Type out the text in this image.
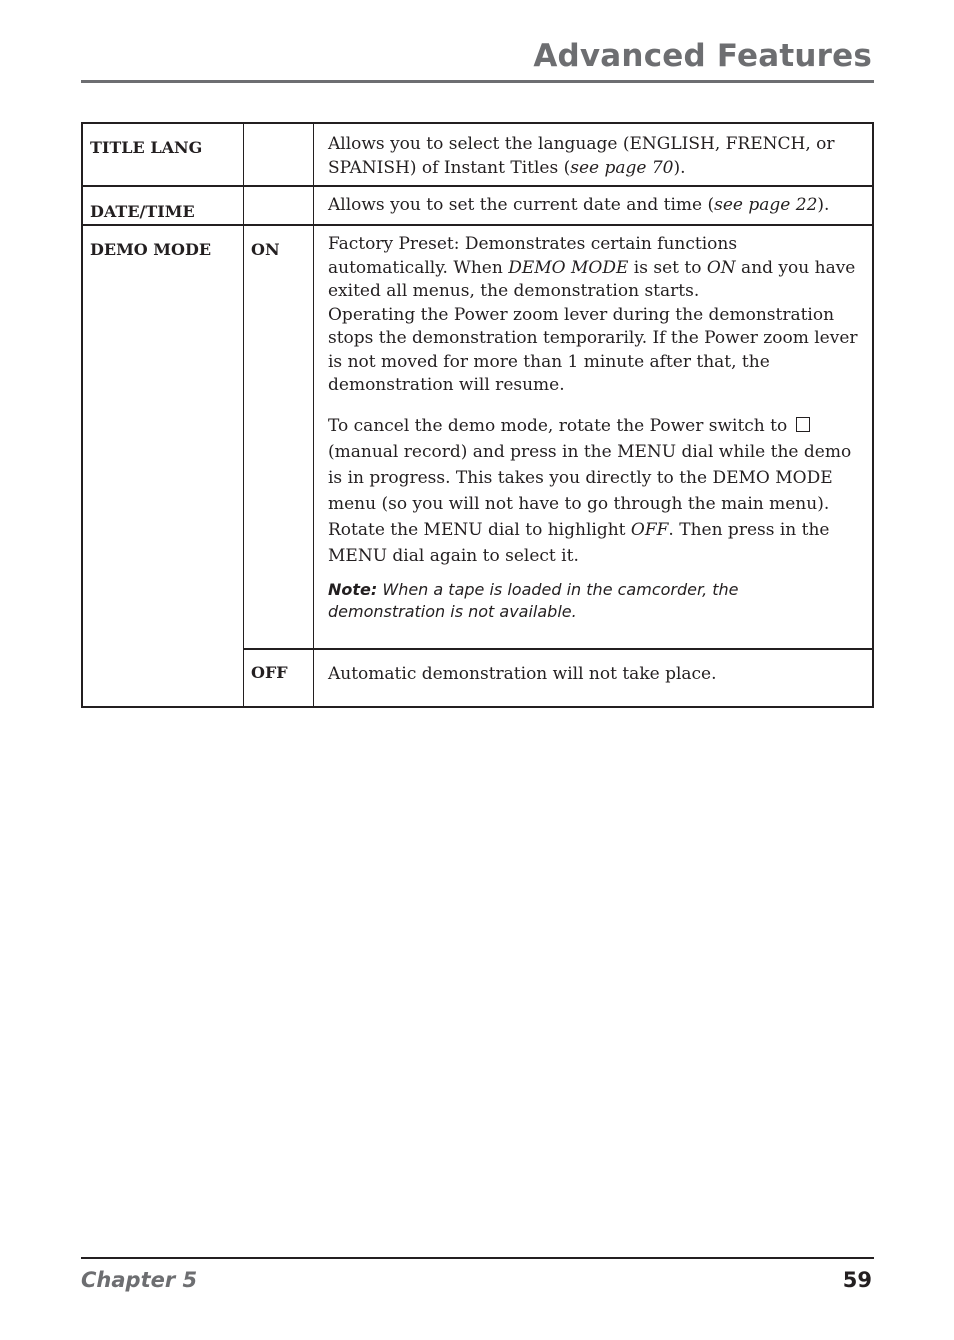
Advanced Features
TITLE LANG		Allows you to select the language (ENGLISH, FRENCH, or SPANISH) of Instant Titles (see page 70).

DATE/TIME		Allows you to set the current date and time (see page 22).

DEMO MODE	ON	Factory Preset: Demonstrates certain functions automatically. When DEMO MODE is set to ON and you have exited all menus, the demonstration starts.
Operating the Power zoom lever during the demonstration stops the demonstration temporarily. If the Power zoom lever is not moved for more than 1 minute after that, the demonstration will resume.

To cancel the demo mode, rotate the Power switch to  (manual record) and press in the MENU dial while the demo is in progress. This takes you directly to the DEMO MODE menu (so you will not have to go through the main menu). Rotate the MENU dial to highlight OFF. Then press in the MENU dial again to select it.

Note: When a tape is loaded in the camcorder, the demonstration is not available.

	OFF	Automatic demonstration will not take place.

Chapter 5	59
